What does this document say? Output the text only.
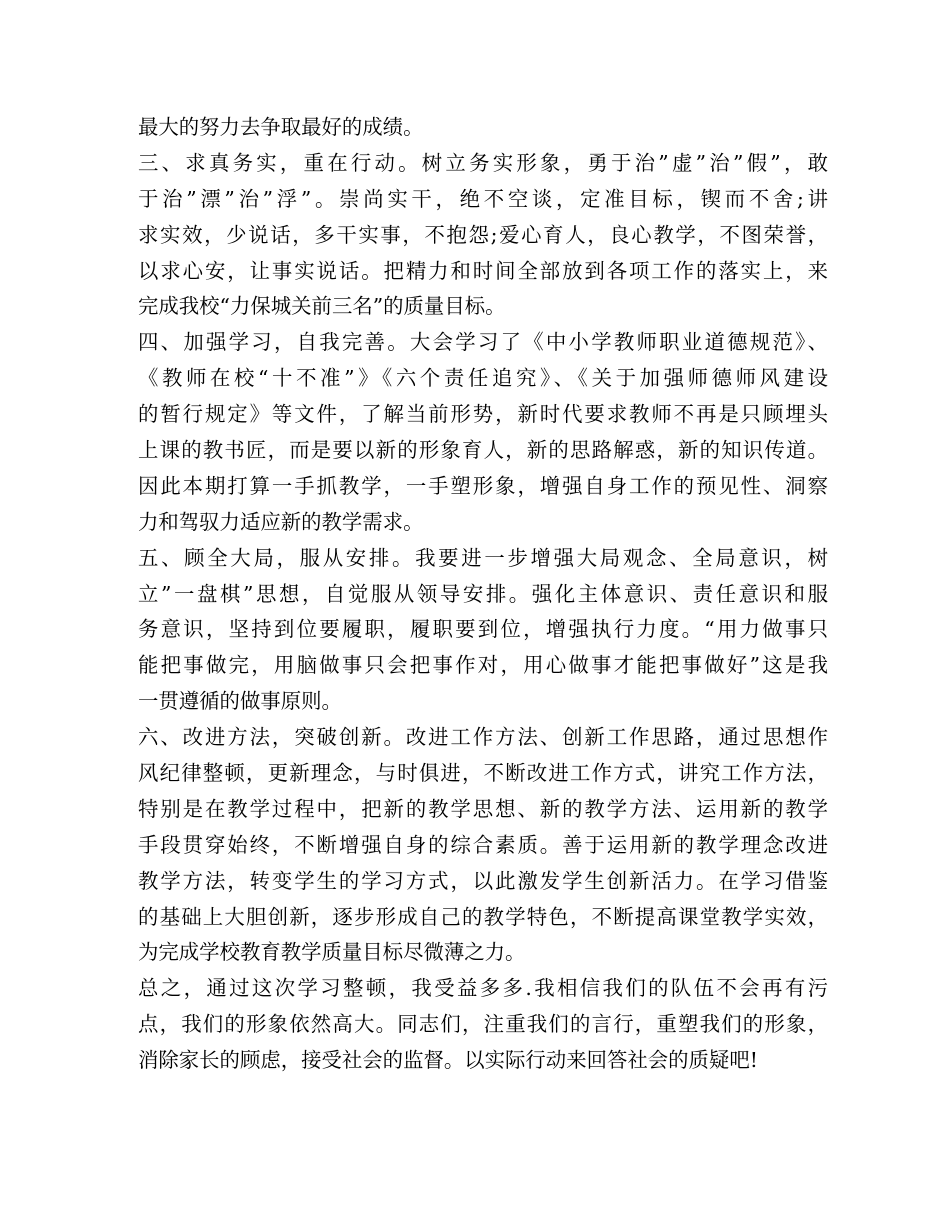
最大的努力去争取最好的成绩。
三、求真务实，重在行动。树立务实形象，勇于治”虚”治”假”，敢
于治”漂”治”浮”。崇尚实干，绝不空谈，定准目标，锲而不舍;讲
求实效，少说话，多干实事，不抱怨;爱心育人，良心教学，不图荣誉，
以求心安，让事实说话。把精力和时间全部放到各项工作的落实上，来
完成我校“力保城关前三名”的质量目标。
四、加强学习，自我完善。大会学习了《中小学教师职业道德规范》、
《教师在校“十不准”》《六个责任追究》、《关于加强师德师风建设
的暂行规定》等文件，了解当前形势，新时代要求教师不再是只顾埋头
上课的教书匠，而是要以新的形象育人，新的思路解惑，新的知识传道。
因此本期打算一手抓教学，一手塑形象，增强自身工作的预见性、洞察
力和驾驭力适应新的教学需求。
五、顾全大局，服从安排。我要进一步增强大局观念、全局意识，树
立”一盘棋”思想，自觉服从领导安排。强化主体意识、责任意识和服
务意识，坚持到位要履职，履职要到位，增强执行力度。“用力做事只
能把事做完，用脑做事只会把事作对，用心做事才能把事做好”这是我
一贯遵循的做事原则。
六、改进方法，突破创新。改进工作方法、创新工作思路，通过思想作
风纪律整顿，更新理念，与时俱进，不断改进工作方式，讲究工作方法，
特别是在教学过程中，把新的教学思想、新的教学方法、运用新的教学
手段贯穿始终，不断增强自身的综合素质。善于运用新的教学理念改进
教学方法，转变学生的学习方式，以此激发学生创新活力。在学习借鉴
的基础上大胆创新，逐步形成自己的教学特色，不断提高课堂教学实效，
为完成学校教育教学质量目标尽微薄之力。
总之，通过这次学习整顿，我受益多多.我相信我们的队伍不会再有污
点，我们的形象依然高大。同志们，注重我们的言行，重塑我们的形象，
消除家长的顾虑，接受社会的监督。以实际行动来回答社会的质疑吧!
